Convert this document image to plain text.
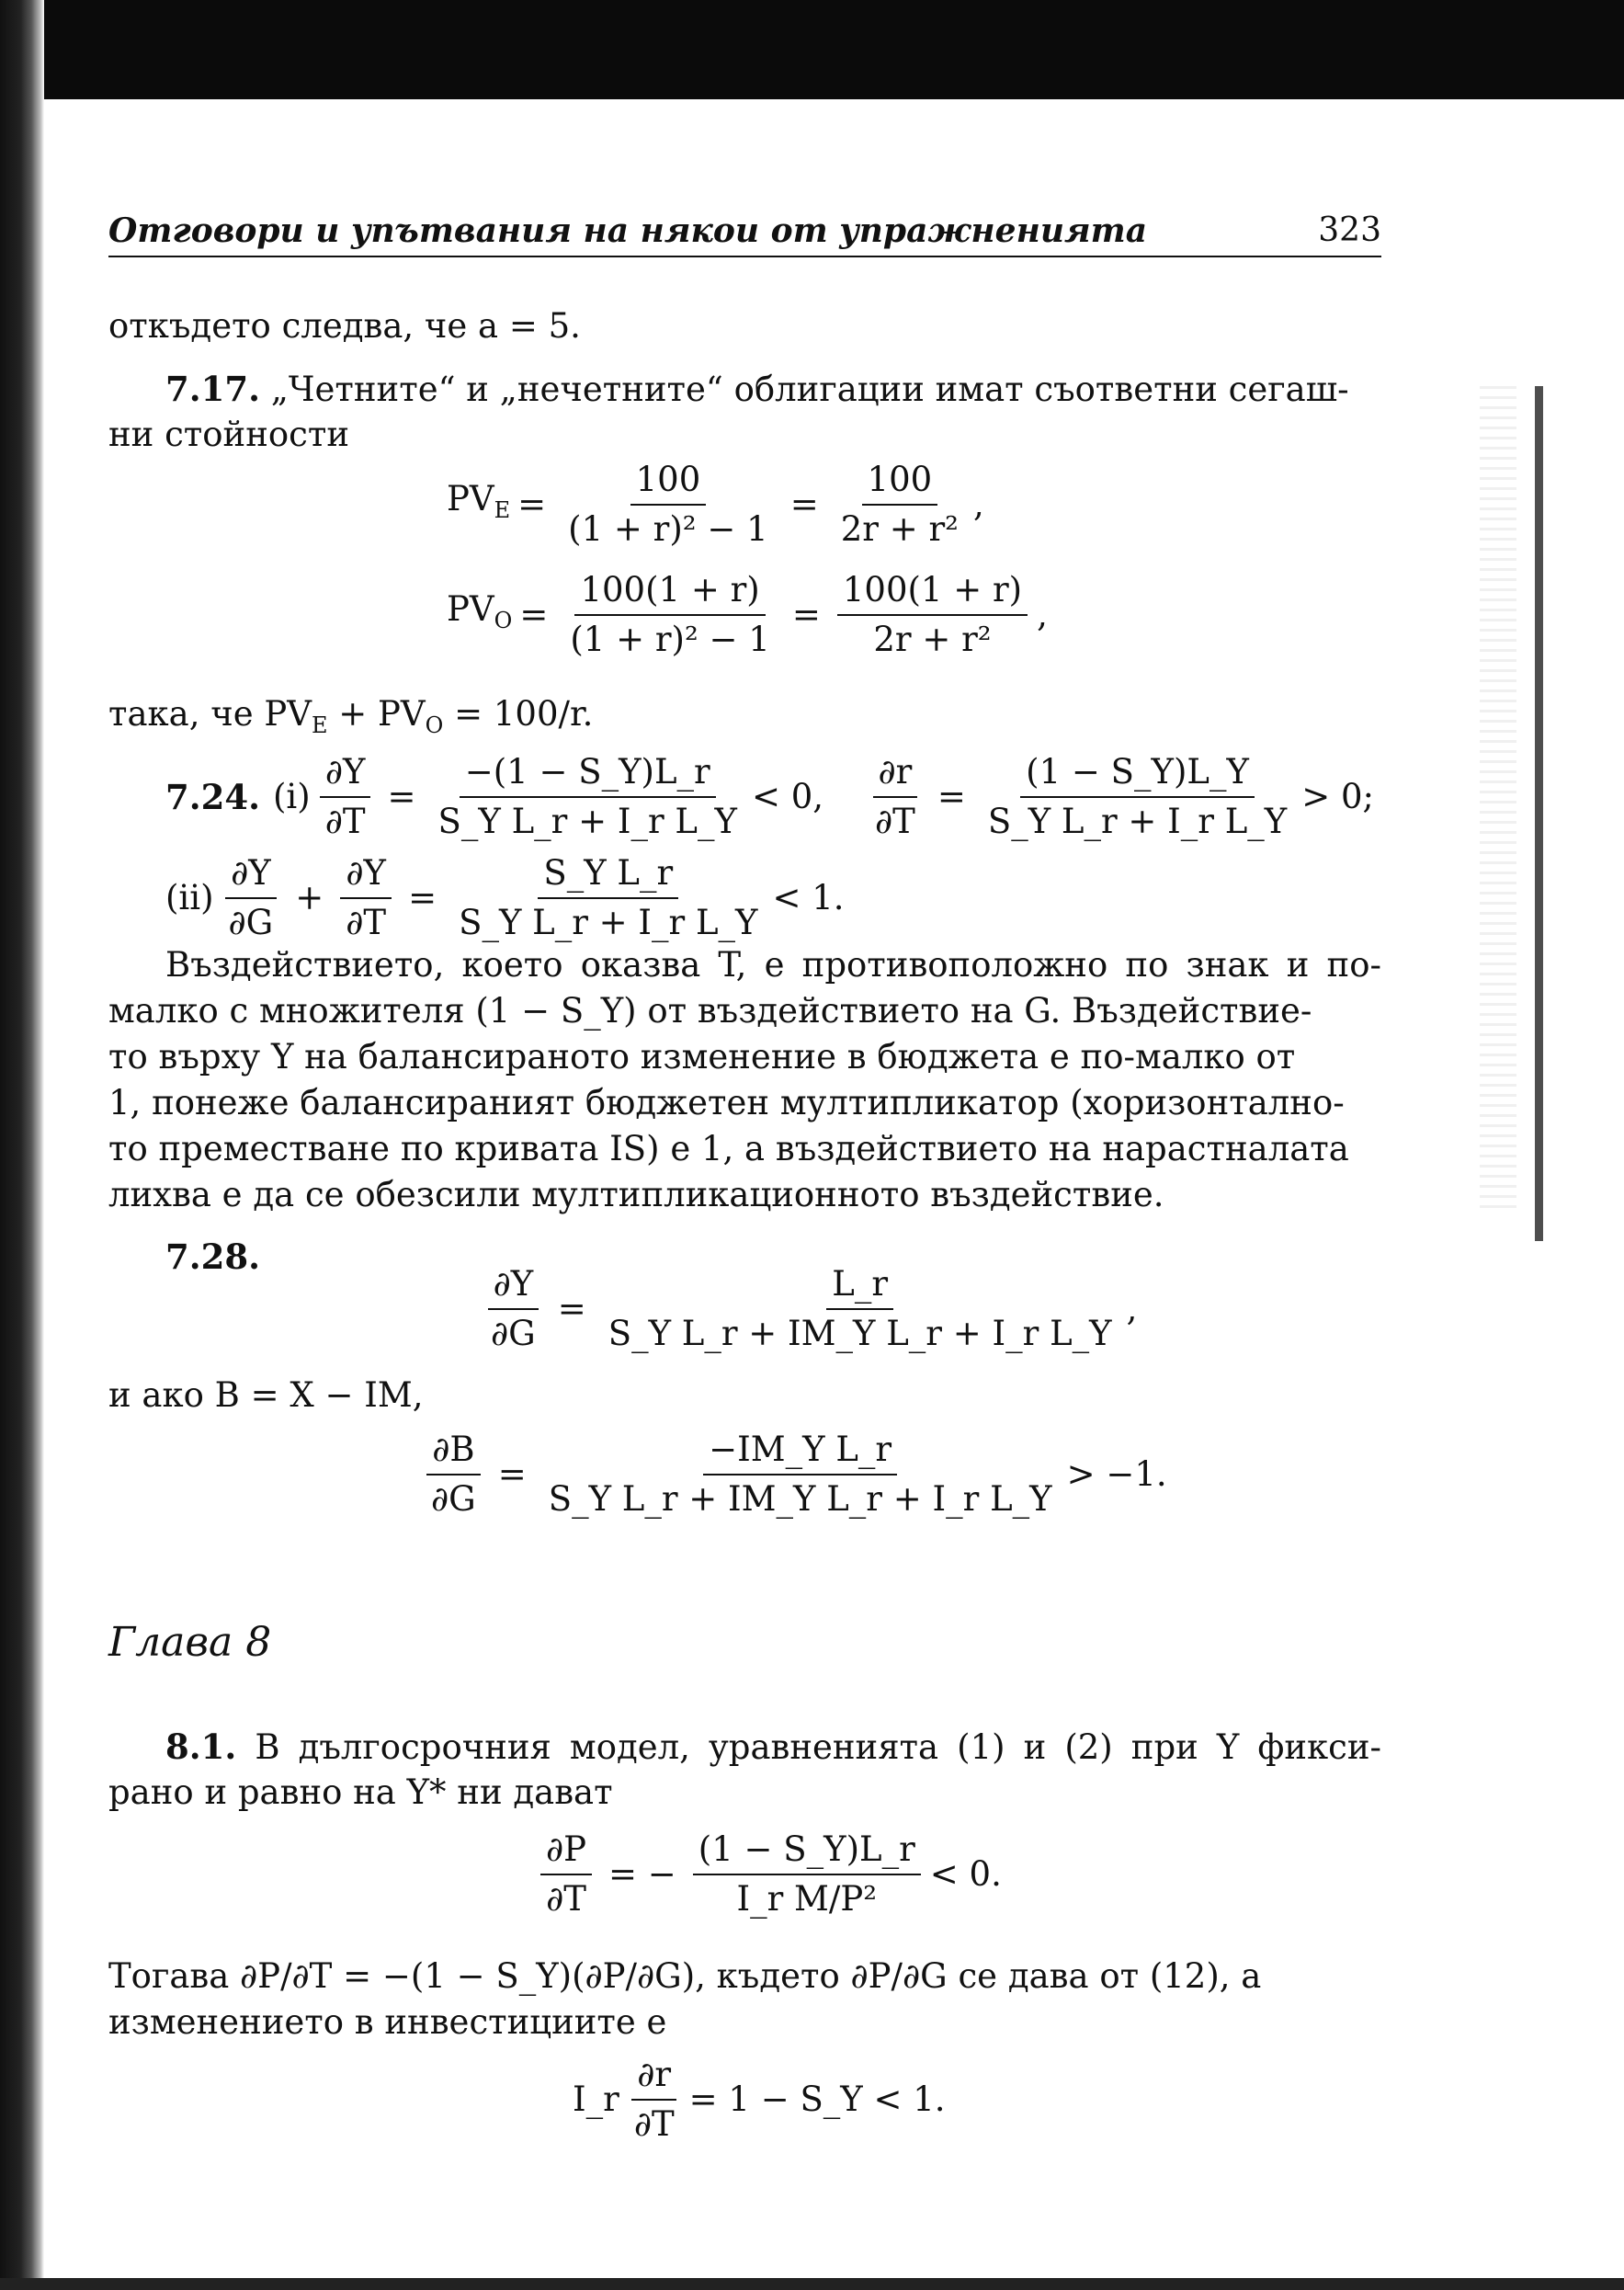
Отговори и упътвания на някои от упражненията	323
откъдето следва, че a = 5.
7.17. „Четните“ и „нечетните“ облигации имат съответни сегаш-
ни стойности
$PV_E = \frac{100}{\text{(1 + r)² − 1}} = \frac{100}{\text{2r + r²}}$ ,
$PV_O = \frac{100(1 + r)}{\text{(1 + r)² − 1}} = \frac{100(1 + r)}{\text{2r + r²}}$ ,
така, че $PV_E + PV_O = 100/r$.
7.24. $(i) \frac{\partial Y}{\partial T} = \frac{-(1 - S\_Y)L\_r}{\text{S\_Y L\_r + I\_r L\_Y}} < 0$, $\frac{\partial r}{\partial T} = \frac{(1 - S\_Y)L\_Y}{\text{S\_Y L\_r + I\_r L\_Y}} > 0$;
$(ii) \frac{\partial Y}{\partial G} + \frac{\partial Y}{\partial T} = \frac{\text{S\_Y L\_r}}{\text{S\_Y L\_r + I\_r L\_Y}} < 1$.
Въздействието, което оказва T, е противоположно по знак и по-
малко с множителя (1 − S_Y) от въздействието на G. Въздействие-
то върху Y на балансираното изменение в бюджета е по-малко от
1, понеже балансираният бюджетен мултипликатор (хоризонтално-
то преместване по кривата IS) е 1, а въздействието на нарастналата
лихва е да се обезсили мултипликационното въздействие.
7.28.
$\frac{\partial Y}{\partial G} = \frac{L\_r}{\text{S\_Y L\_r + IM\_Y L\_r + I\_r L\_Y}}$ ,
и ако B = X − IM,
$\frac{\partial B}{\partial G} = \frac{\text{−IM\_Y L\_r}}{\text{S\_Y L\_r + IM\_Y L\_r + I\_r L\_Y}} > -1$.
Глава 8
8.1. В дългосрочния модел, уравненията (1) и (2) при Y фикси-
рано и равно на Y* ни дават
$\frac{\partial P}{\partial T}$ = − $\frac{(1 - S\_Y)L\_r}{\text{I\_r M/P²}} < 0$.
Тогава ∂P/∂T = −(1 − S_Y)(∂P/∂G), където ∂P/∂G се дава от (12), а
изменението в инвестициите е
I_r $\frac{\partial r}{\partial T} = 1$ − S_Y < 1.
